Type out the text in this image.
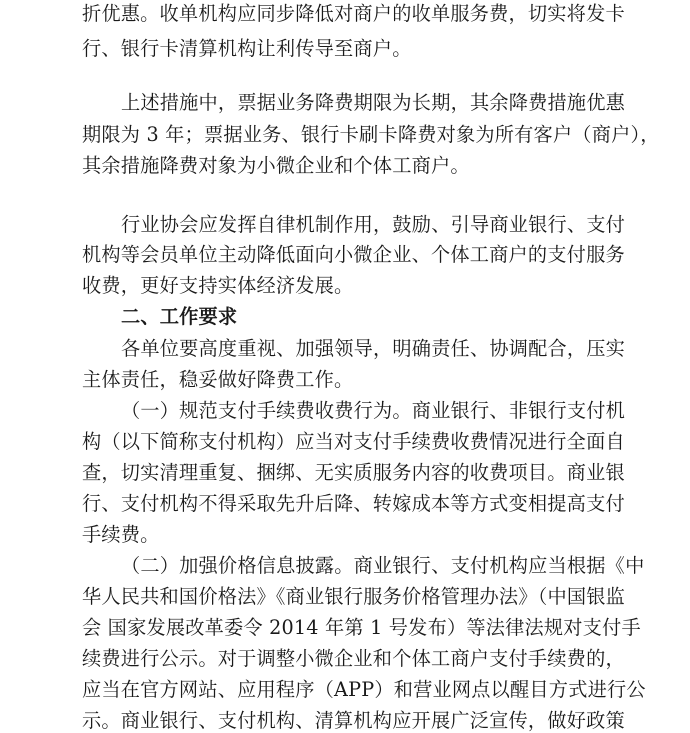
折优惠。收单机构应同步降低对商户的收单服务费，切实将发卡
行、银行卡清算机构让利传导至商户。
上述措施中，票据业务降费期限为长期，其余降费措施优惠
期限为 3 年；票据业务、银行卡刷卡降费对象为所有客户（商户），
其余措施降费对象为小微企业和个体工商户。
行业协会应发挥自律机制作用，鼓励、引导商业银行、支付
机构等会员单位主动降低面向小微企业、个体工商户的支付服务
收费，更好支持实体经济发展。
二、工作要求
各单位要高度重视、加强领导，明确责任、协调配合，压实
主体责任，稳妥做好降费工作。
（一）规范支付手续费收费行为。商业银行、非银行支付机
构（以下简称支付机构）应当对支付手续费收费情况进行全面自
查，切实清理重复、捆绑、无实质服务内容的收费项目。商业银
行、支付机构不得采取先升后降、转嫁成本等方式变相提高支付
手续费。
（二）加强价格信息披露。商业银行、支付机构应当根据《中
华人民共和国价格法》《商业银行服务价格管理办法》（中国银监
会 国家发展改革委令 2014 年第 1 号发布）等法律法规对支付手
续费进行公示。对于调整小微企业和个体工商户支付手续费的，
应当在官方网站、应用程序（APP）和营业网点以醒目方式进行公
示。商业银行、支付机构、清算机构应开展广泛宣传，做好政策
